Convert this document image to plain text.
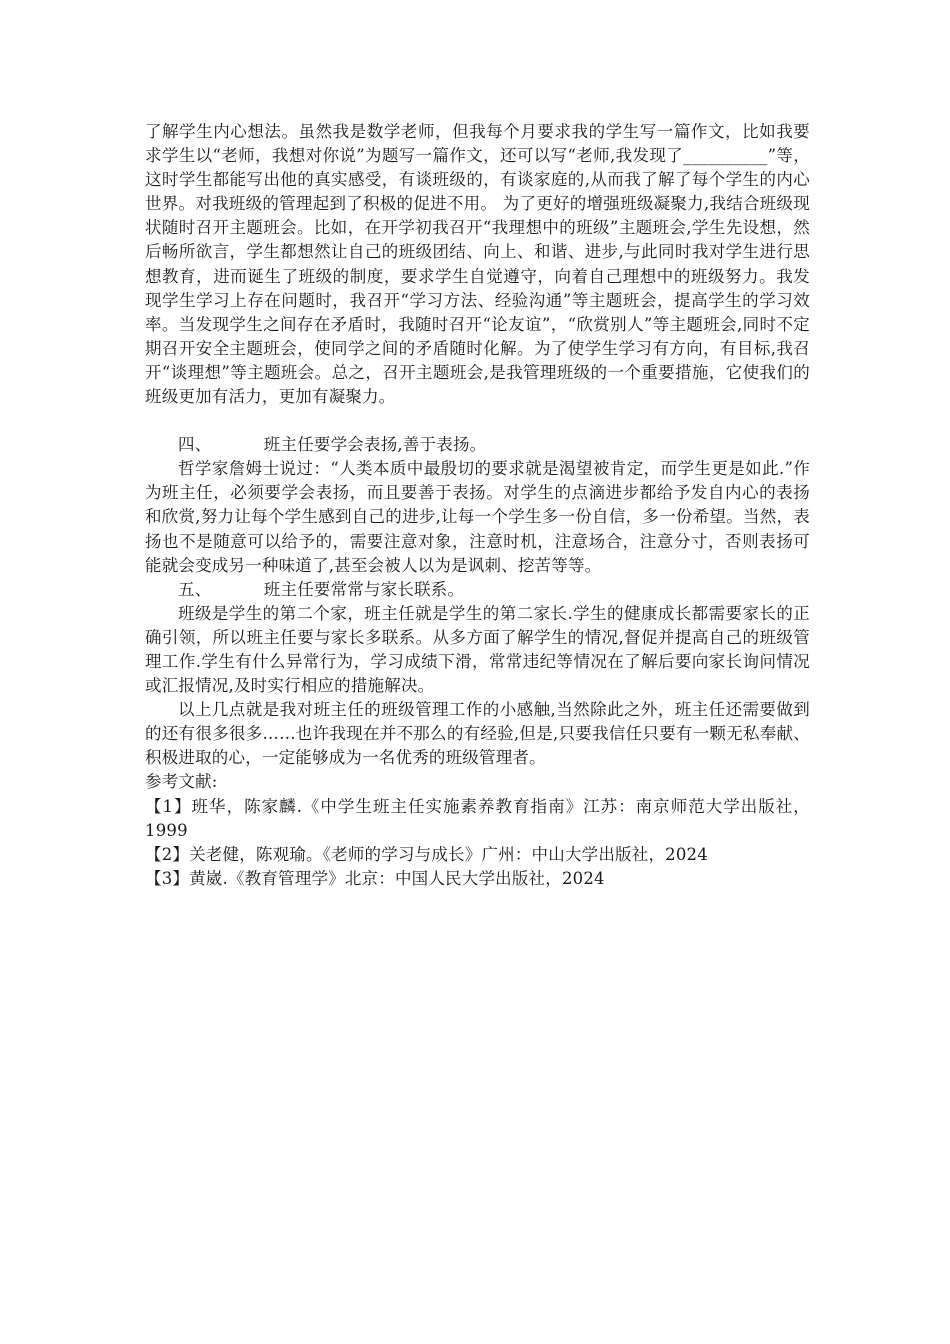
了解学生内心想法。虽然我是数学老师，但我每个月要求我的学生写一篇作文，比如我要求学生以“老师，我想对你说”为题写一篇作文，还可以写“老师,我发现了__________”等，这时学生都能写出他的真实感受，有谈班级的，有谈家庭的,从而我了解了每个学生的内心世界。对我班级的管理起到了积极的促进不用。 为了更好的增强班级凝聚力,我结合班级现状随时召开主题班会。比如，在开学初我召开“我理想中的班级”主题班会,学生先设想，然后畅所欲言，学生都想然让自己的班级团结、向上、和谐、进步,与此同时我对学生进行思想教育，进而诞生了班级的制度，要求学生自觉遵守，向着自己理想中的班级努力。我发现学生学习上存在问题时，我召开“学习方法、经验沟通”等主题班会，提高学生的学习效率。当发现学生之间存在矛盾时，我随时召开“论友谊”，“欣赏别人”等主题班会,同时不定期召开安全主题班会，使同学之间的矛盾随时化解。为了使学生学习有方向，有目标,我召开“谈理想”等主题班会。总之，召开主题班会,是我管理班级的一个重要措施，它使我们的班级更加有活力，更加有凝聚力。

四、	班主任要学会表扬,善于表扬。

哲学家詹姆士说过：“人类本质中最殷切的要求就是渴望被肯定，而学生更是如此.”作为班主任，必须要学会表扬，而且要善于表扬。对学生的点滴进步都给予发自内心的表扬和欣赏,努力让每个学生感到自己的进步,让每一个学生多一份自信，多一份希望。当然，表扬也不是随意可以给予的，需要注意对象，注意时机，注意场合，注意分寸，否则表扬可能就会变成另一种味道了,甚至会被人以为是讽刺、挖苦等等。

五、	班主任要常常与家长联系。

班级是学生的第二个家，班主任就是学生的第二家长.学生的健康成长都需要家长的正确引领，所以班主任要与家长多联系。从多方面了解学生的情况,督促并提高自己的班级管理工作.学生有什么异常行为，学习成绩下滑，常常违纪等情况在了解后要向家长询问情况或汇报情况,及时实行相应的措施解决。

以上几点就是我对班主任的班级管理工作的小感触,当然除此之外，班主任还需要做到的还有很多很多……也许我现在并不那么的有经验,但是,只要我信任只要有一颗无私奉献、积极进取的心，一定能够成为一名优秀的班级管理者。

参考文献:

【1】班华，陈家麟.《中学生班主任实施素养教育指南》江苏：南京师范大学出版社，1999

【2】关老健，陈观瑜。《老师的学习与成长》广州：中山大学出版社，2024

【3】黄崴.《教育管理学》北京：中国人民大学出版社，2024
